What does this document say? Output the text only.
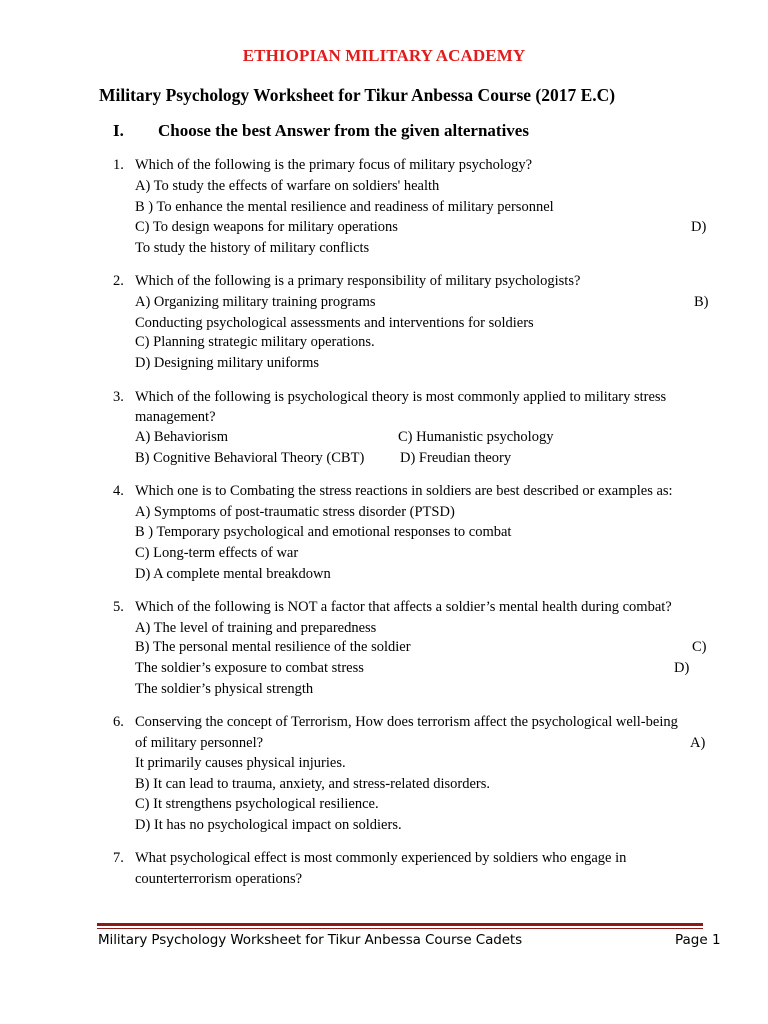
ETHIOPIAN MILITARY ACADEMY
Military Psychology Worksheet for Tikur Anbessa Course (2017 E.C)
I. Choose the best Answer from the given alternatives
1. Which of the following is the primary focus of military psychology?
A) To study the effects of warfare on soldiers' health
B ) To enhance the mental resilience and readiness of military personnel
C) To design weapons for military operations	D)
To study the history of military conflicts
2. Which of the following is a primary responsibility of military psychologists?
A) Organizing military training programs	B)
Conducting psychological assessments and interventions for soldiers
C) Planning strategic military operations.
D) Designing military uniforms
3. Which of the following is psychological theory is most commonly applied to military stress
management?
A) Behaviorism	C) Humanistic psychology
B) Cognitive Behavioral Theory (CBT) D) Freudian theory
4. Which one is to Combating the stress reactions in soldiers are best described or examples as:
A) Symptoms of post-traumatic stress disorder (PTSD)
B ) Temporary psychological and emotional responses to combat
C) Long-term effects of war
D) A complete mental breakdown
5. Which of the following is NOT a factor that affects a soldier’s mental health during combat?
A) The level of training and preparedness
B) The personal mental resilience of the soldier	C)
The soldier’s exposure to combat stress	D)
The soldier’s physical strength
6. Conserving the concept of Terrorism, How does terrorism affect the psychological well-being
of military personnel?	A)
It primarily causes physical injuries.
B) It can lead to trauma, anxiety, and stress-related disorders.
C) It strengthens psychological resilience.
D) It has no psychological impact on soldiers.
7. What psychological effect is most commonly experienced by soldiers who engage in
counterterrorism operations?
Military Psychology Worksheet for Tikur Anbessa Course Cadets	Page 1
